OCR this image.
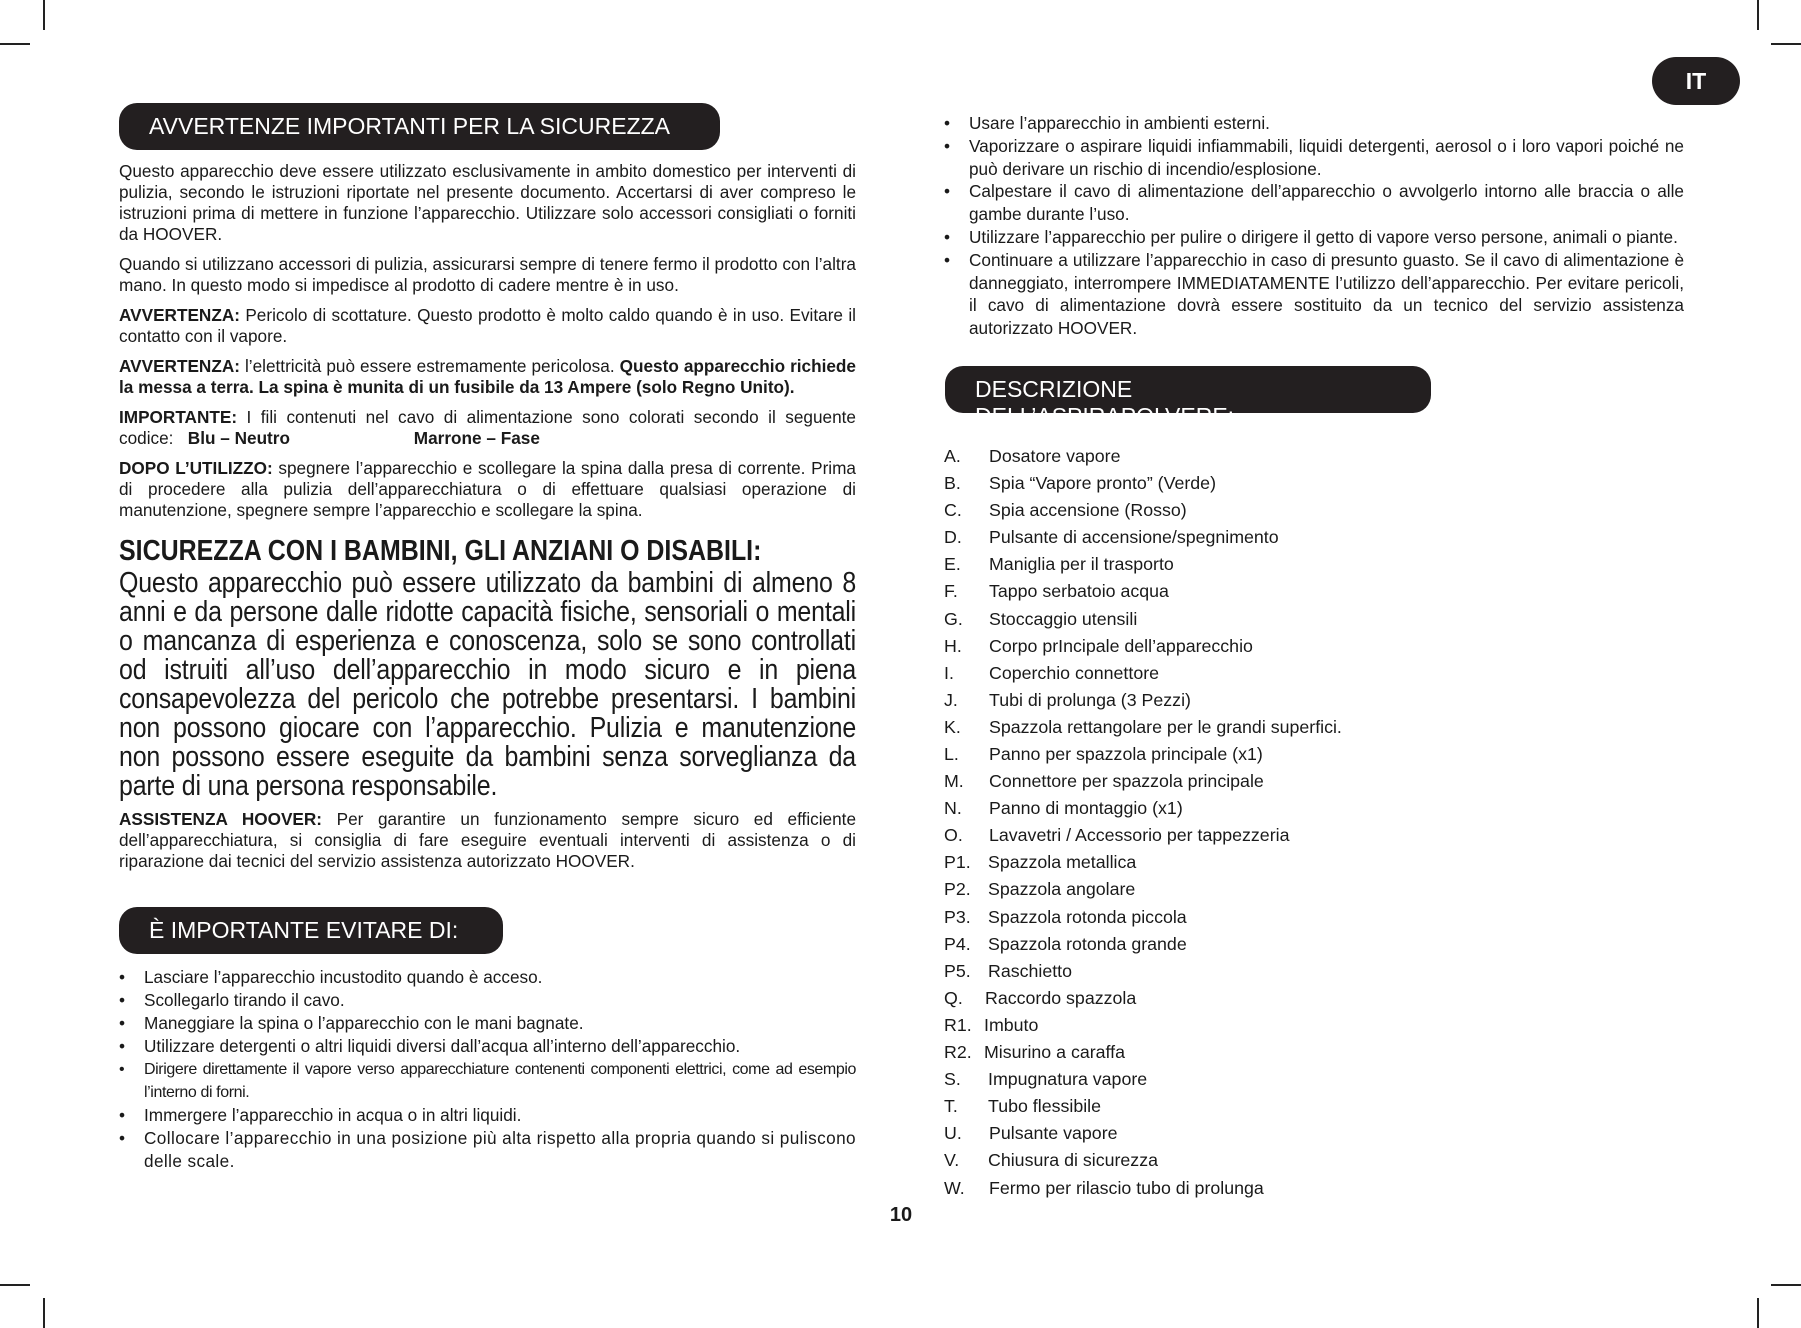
IT
AVVERTENZE IMPORTANTI PER LA SICUREZZA

Questo apparecchio deve essere utilizzato esclusivamente in ambito domestico per interventi di pulizia, secondo le istruzioni riportate nel presente documento. Accertarsi di aver compreso le istruzioni prima di mettere in funzione l’apparecchio. Utilizzare solo accessori consigliati o forniti da HOOVER.

Quando si utilizzano accessori di pulizia, assicurarsi sempre di tenere fermo il prodotto con l’altra mano. In questo modo si impedisce al prodotto di cadere mentre è in uso.

AVVERTENZA: Pericolo di scottature. Questo prodotto è molto caldo quando è in uso. Evitare il contatto con il vapore.

AVVERTENZA: l’elettricità può essere estremamente pericolosa. Questo apparecchio richiede la messa a terra. La spina è munita di un fusibile da 13 Ampere (solo Regno Unito).

IMPORTANTE: I fili contenuti nel cavo di alimentazione sono colorati secondo il seguente codice: Blu – Neutro	Marrone – Fase

DOPO L’UTILIZZO: spegnere l’apparecchio e scollegare la spina dalla presa di corrente. Prima di procedere alla pulizia dell’apparecchiatura o di effettuare qualsiasi operazione di manutenzione, spegnere sempre l’apparecchio e scollegare la spina.

SICUREZZA CON I BAMBINI, GLI ANZIANI O DISABILI:
Questo apparecchio può essere utilizzato da bambini di almeno 8 anni e da persone dalle ridotte capacità fisiche, sensoriali o mentali o mancanza di esperienza e conoscenza, solo se sono controllati od istruiti all’uso dell’apparecchio in modo sicuro e in piena consapevolezza del pericolo che potrebbe presentarsi. I bambini non possono giocare con l’apparecchio. Pulizia e manutenzione non possono essere eseguite da bambini senza sorveglianza da parte di una persona responsabile.

ASSISTENZA HOOVER: Per garantire un funzionamento sempre sicuro ed efficiente dell’apparecchiatura, si consiglia di fare eseguire eventuali interventi di assistenza o di riparazione dai tecnici del servizio assistenza autorizzato HOOVER.

È IMPORTANTE EVITARE DI:
• Lasciare l’apparecchio incustodito quando è acceso.
• Scollegarlo tirando il cavo.
• Maneggiare la spina o l’apparecchio con le mani bagnate.
• Utilizzare detergenti o altri liquidi diversi dall’acqua all’interno dell’apparecchio.
• Dirigere direttamente il vapore verso apparecchiature contenenti componenti elettrici, come ad esempio l’interno di forni.
• Immergere l’apparecchio in acqua o in altri liquidi.
• Collocare l’apparecchio in una posizione più alta rispetto alla propria quando si puliscono delle scale.
• Usare l’apparecchio in ambienti esterni.
• Vaporizzare o aspirare liquidi infiammabili, liquidi detergenti, aerosol o i loro vapori poiché ne può derivare un rischio di incendio/esplosione.
• Calpestare il cavo di alimentazione dell’apparecchio o avvolgerlo intorno alle braccia o alle gambe durante l’uso.
• Utilizzare l’apparecchio per pulire o dirigere il getto di vapore verso persone, animali o piante.
• Continuare a utilizzare l’apparecchio in caso di presunto guasto. Se il cavo di alimentazione è danneggiato, interrompere IMMEDIATAMENTE l’utilizzo dell’apparecchio. Per evitare pericoli, il cavo di alimentazione dovrà essere sostituito da un tecnico del servizio assistenza autorizzato HOOVER.
DESCRIZIONE DELL’ASPIRAPOLVERE:
A.	Dosatore vapore
B.	Spia “Vapore pronto” (Verde)
C.	Spia accensione (Rosso)
D.	Pulsante di accensione/spegnimento
E.	Maniglia per il trasporto
F.	Tappo serbatoio acqua
G.	Stoccaggio utensili
H.	Corpo prIncipale dell’apparecchio
I.	Coperchio connettore
J.	Tubi di prolunga (3 Pezzi)
K.	Spazzola rettangolare per le grandi superfici.
L.	Panno per spazzola principale (x1)
M.	Connettore per spazzola principale
N.	Panno di montaggio (x1)
O.	Lavavetri / Accessorio per tappezzeria
P1. Spazzola metallica
P2. Spazzola angolare
P3. Spazzola rotonda piccola
P4. Spazzola rotonda grande
P5. Raschietto
Q.	Raccordo spazzola
R1. Imbuto
R2. Misurino a caraffa
S.	Impugnatura vapore
T.	Tubo flessibile
U.	Pulsante vapore
V.	Chiusura di sicurezza
W.	Fermo per rilascio tubo di prolunga
10
